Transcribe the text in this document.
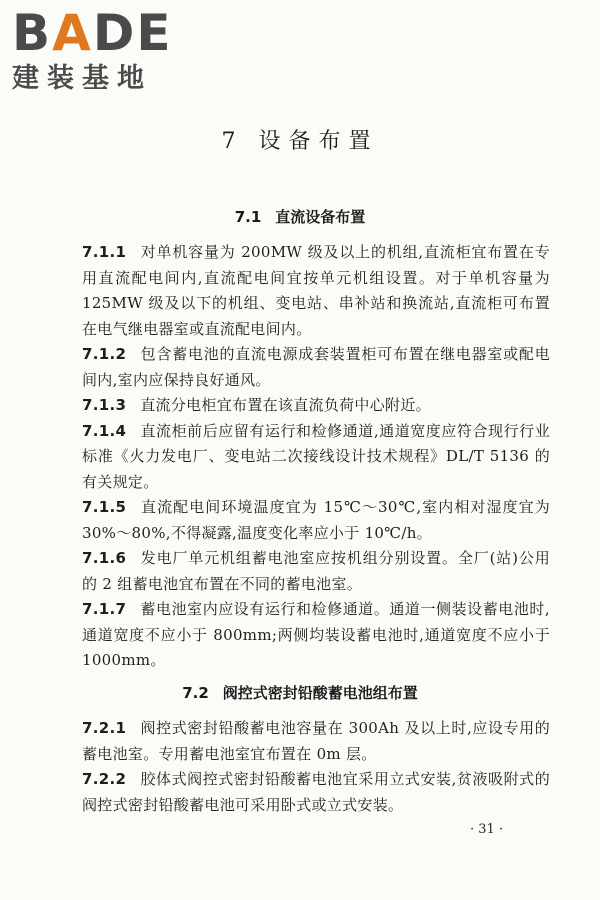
BADE
建装基地
7 设备布置
7.1 直流设备布置

7.1.1 对单机容量为 200MW 级及以上的机组,直流柜宜布置在专用直流配电间内,直流配电间宜按单元机组设置。对于单机容量为 125MW 级及以下的机组、变电站、串补站和换流站,直流柜可布置在电气继电器室或直流配电间内。

7.1.2 包含蓄电池的直流电源成套装置柜可布置在继电器室或配电间内,室内应保持良好通风。

7.1.3 直流分电柜宜布置在该直流负荷中心附近。

7.1.4 直流柜前后应留有运行和检修通道,通道宽度应符合现行行业标准《火力发电厂、变电站二次接线设计技术规程》DL/T 5136 的有关规定。

7.1.5 直流配电间环境温度宜为 15℃～30℃,室内相对湿度宜为 30%～80%,不得凝露,温度变化率应小于 10℃/h。

7.1.6 发电厂单元机组蓄电池室应按机组分别设置。全厂(站)公用的 2 组蓄电池宜布置在不同的蓄电池室。

7.1.7 蓄电池室内应设有运行和检修通道。通道一侧装设蓄电池时,通道宽度不应小于 800mm;两侧均装设蓄电池时,通道宽度不应小于 1000mm。

7.2 阀控式密封铅酸蓄电池组布置

7.2.1 阀控式密封铅酸蓄电池容量在 300Ah 及以上时,应设专用的蓄电池室。专用蓄电池室宜布置在 0m 层。

7.2.2 胶体式阀控式密封铅酸蓄电池宜采用立式安装,贫液吸附式的阀控式密封铅酸蓄电池可采用卧式或立式安装。

· 31 ·
